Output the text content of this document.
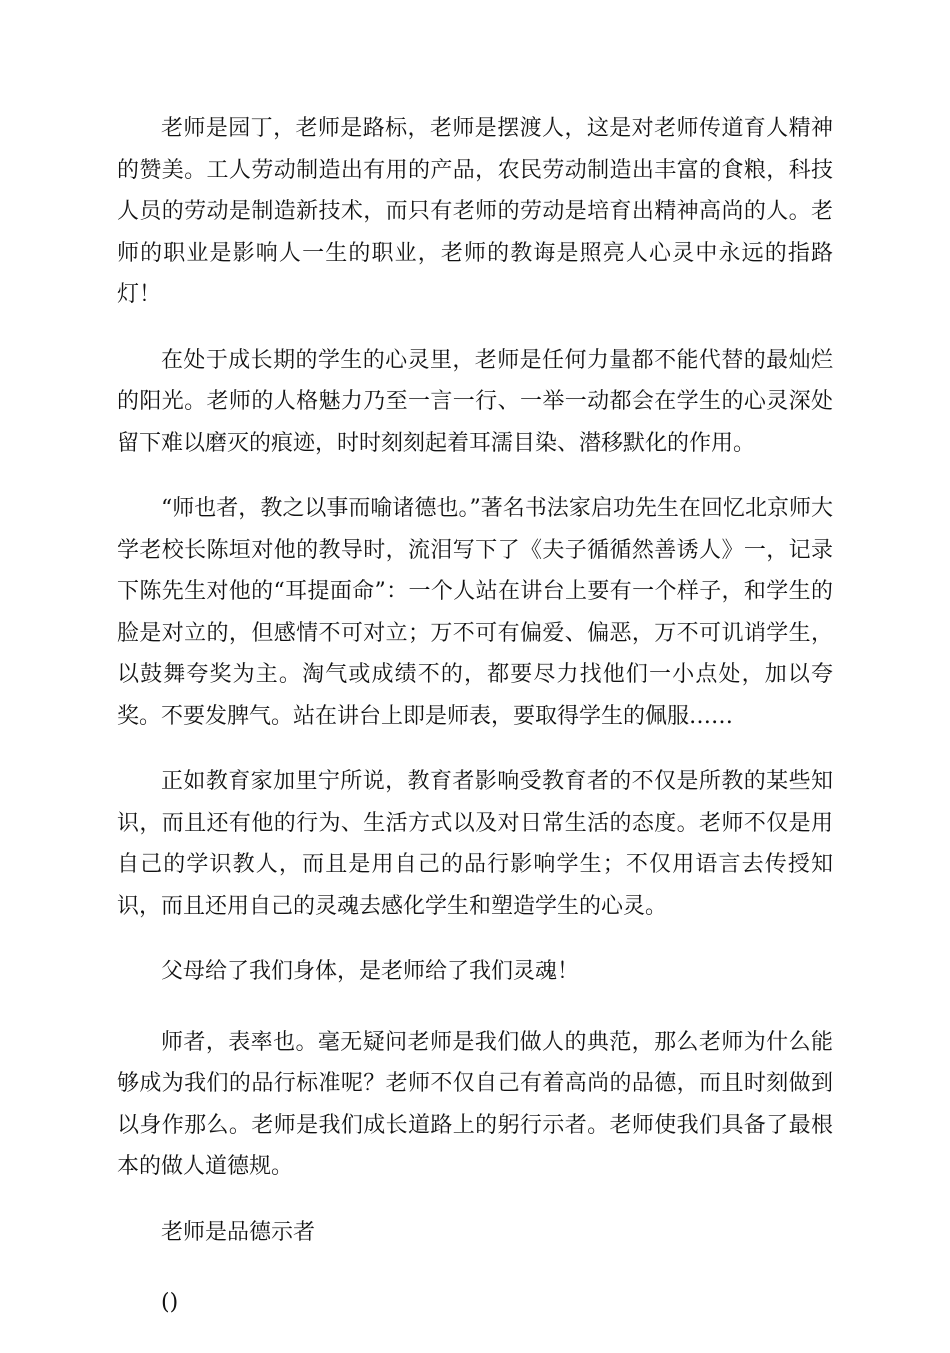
老师是园丁，老师是路标，老师是摆渡人，这是对老师传道育人精神的赞美。工人劳动制造出有用的产品，农民劳动制造出丰富的食粮，科技人员的劳动是制造新技术，而只有老师的劳动是培育出精神高尚的人。老师的职业是影响人一生的职业，老师的教诲是照亮人心灵中永远的指路灯！

在处于成长期的学生的心灵里，老师是任何力量都不能代替的最灿烂的阳光。老师的人格魅力乃至一言一行、一举一动都会在学生的心灵深处留下难以磨灭的痕迹，时时刻刻起着耳濡目染、潜移默化的作用。

“师也者，教之以事而喻诸德也。”著名书法家启功先生在回忆北京师大学老校长陈垣对他的教导时，流泪写下了《夫子循循然善诱人》一，记录下陈先生对他的“耳提面命”：一个人站在讲台上要有一个样子，和学生的脸是对立的，但感情不可对立；万不可有偏爱、偏恶，万不可讥诮学生，以鼓舞夸奖为主。淘气或成绩不的，都要尽力找他们一小点处，加以夸奖。不要发脾气。站在讲台上即是师表，要取得学生的佩服……

正如教育家加里宁所说，教育者影响受教育者的不仅是所教的某些知识，而且还有他的行为、生活方式以及对日常生活的态度。老师不仅是用自己的学识教人，而且是用自己的品行影响学生；不仅用语言去传授知识，而且还用自己的灵魂去感化学生和塑造学生的心灵。

父母给了我们身体，是老师给了我们灵魂！

师者，表率也。毫无疑问老师是我们做人的典范，那么老师为什么能够成为我们的品行标准呢？老师不仅自己有着高尚的品德，而且时刻做到以身作那么。老师是我们成长道路上的躬行示者。老师使我们具备了最根本的做人道德规。

老师是品德示者

()
